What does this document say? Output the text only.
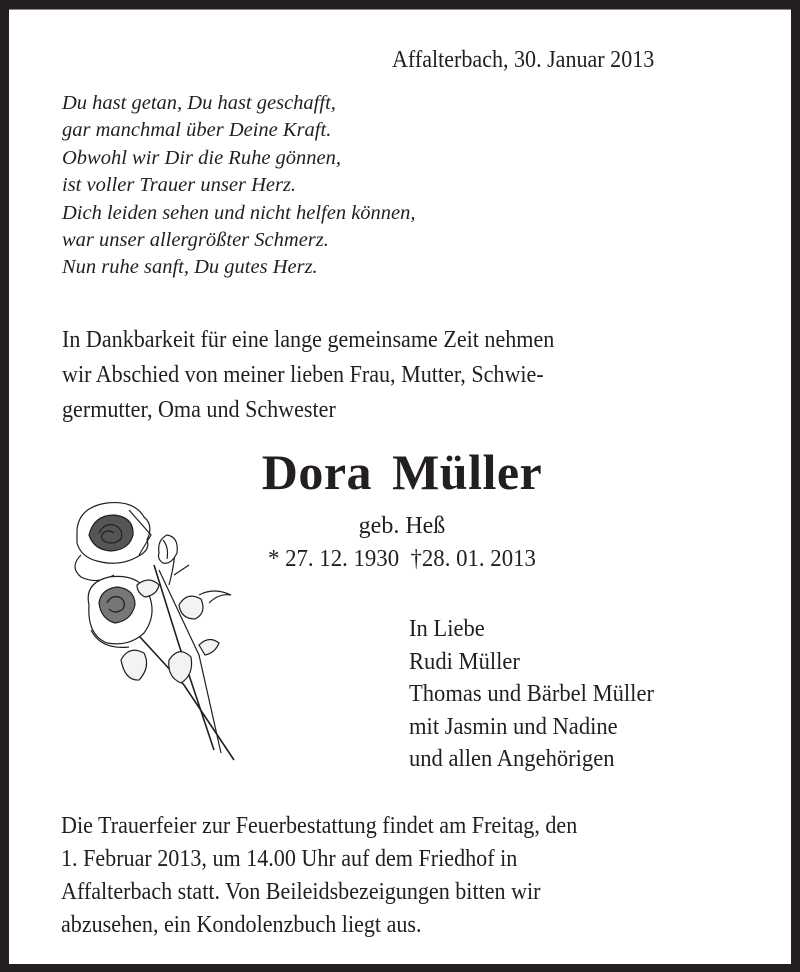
Affalterbach, 30. Januar 2013
Du hast getan, Du hast geschafft,
gar manchmal über Deine Kraft.
Obwohl wir Dir die Ruhe gönnen,
ist voller Trauer unser Herz.
Dich leiden sehen und nicht helfen können,
war unser allergrößter Schmerz.
Nun ruhe sanft, Du gutes Herz.
In Dankbarkeit für eine lange gemeinsame Zeit nehmen
wir Abschied von meiner lieben Frau, Mutter, Schwie-
germutter, Oma und Schwester
Dora Müller
geb. Heß
* 27. 12. 1930 †28. 01. 2013
In Liebe
Rudi Müller
Thomas und Bärbel Müller
mit Jasmin und Nadine
und allen Angehörigen
Die Trauerfeier zur Feuerbestattung findet am Freitag, den
1. Februar 2013, um 14.00 Uhr auf dem Friedhof in
Affalterbach statt. Von Beileidsbezeigungen bitten wir
abzusehen, ein Kondolenzbuch liegt aus.
